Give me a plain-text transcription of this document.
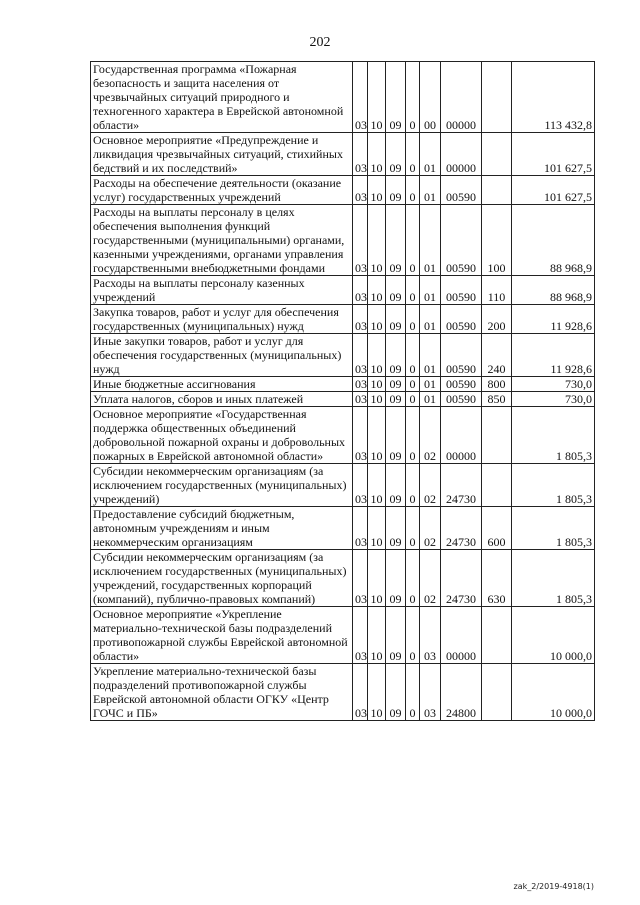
202
Государственная программа «Пожарная безопасность и защита населения от чрезвычайных ситуаций природного и техногенного характера в Еврейской автономной области»	03	10	09	0	00	00000		113 432,8
Основное мероприятие «Предупреждение и ликвидация чрезвычайных ситуаций, стихийных бедствий и их последствий»	03	10	09	0	01	00000		101 627,5
Расходы на обеспечение деятельности (оказание услуг) государственных учреждений	03	10	09	0	01	00590		101 627,5
Расходы на выплаты персоналу в целях обеспечения выполнения функций государственными (муниципальными) органами, казенными учреждениями, органами управления государственными внебюджетными фондами	03	10	09	0	01	00590	100	88 968,9
Расходы на выплаты персоналу казенных учреждений	03	10	09	0	01	00590	110	88 968,9
Закупка товаров, работ и услуг для обеспечения государственных (муниципальных) нужд	03	10	09	0	01	00590	200	11 928,6
Иные закупки товаров, работ и услуг для обеспечения государственных (муниципальных) нужд	03	10	09	0	01	00590	240	11 928,6
Иные бюджетные ассигнования	03	10	09	0	01	00590	800	730,0
Уплата налогов, сборов и иных платежей	03	10	09	0	01	00590	850	730,0
Основное мероприятие «Государственная поддержка общественных объединений добровольной пожарной охраны и добровольных пожарных в Еврейской автономной области»	03	10	09	0	02	00000		1 805,3
Субсидии некоммерческим организациям (за исключением государственных (муниципальных) учреждений)	03	10	09	0	02	24730		1 805,3
Предоставление субсидий бюджетным, автономным учреждениям и иным некоммерческим организациям	03	10	09	0	02	24730	600	1 805,3
Субсидии некоммерческим организациям (за исключением государственных (муниципальных) учреждений, государственных корпораций (компаний), публично-правовых компаний)	03	10	09	0	02	24730	630	1 805,3
Основное мероприятие «Укрепление материально-технической базы подразделений противопожарной службы Еврейской автономной области»	03	10	09	0	03	00000		10 000,0
Укрепление материально-технической базы подразделений противопожарной службы Еврейской автономной области ОГКУ «Центр ГОЧС и ПБ»	03	10	09	0	03	24800		10 000,0
zak_2/2019-4918(1)
